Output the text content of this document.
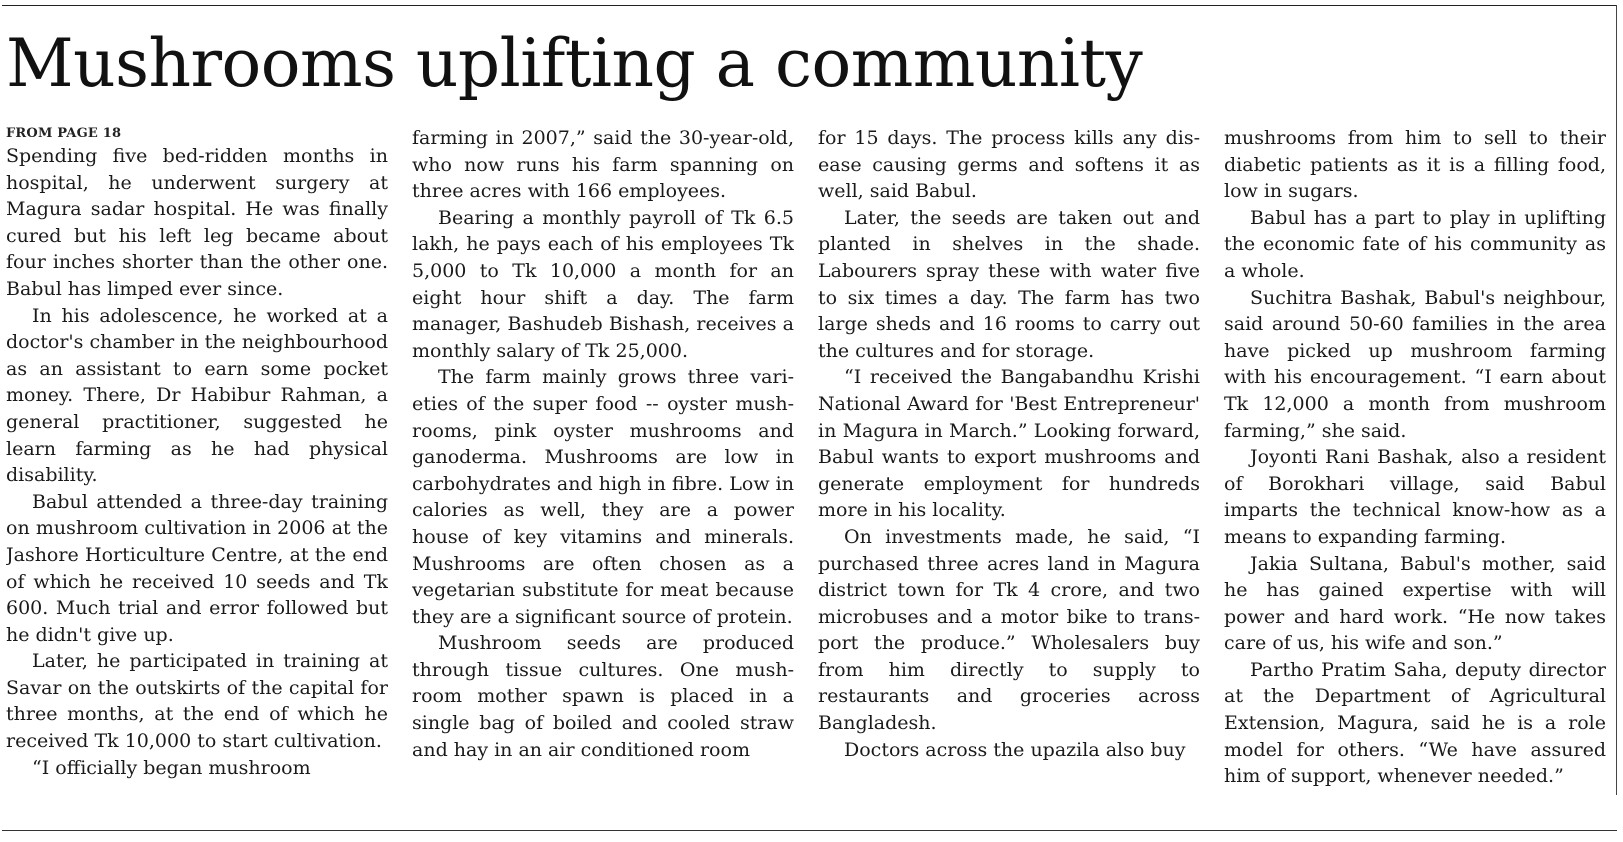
Mushrooms uplifting a community
FROM PAGE 18

Spending five bed-ridden months in hospital, he underwent surgery at Magura sadar hospital. He was finally cured but his left leg became about four inches shorter than the other one. Babul has limped ever since.

In his adolescence, he worked at a doctor's chamber in the neighbourhood as an assistant to earn some pocket money. There, Dr Habibur Rahman, a general practitioner, suggested he learn farming as he had physical disability.

Babul attended a three-day training on mushroom cultivation in 2006 at the Jashore Horticulture Centre, at the end of which he received 10 seeds and Tk 600. Much trial and error followed but he didn't give up.

Later, he participated in training at Savar on the outskirts of the capital for three months, at the end of which he received Tk 10,000 to start cultivation.

“I officially began mushroom

farming in 2007,” said the 30-year-old, who now runs his farm spanning on three acres with 166 employees.

Bearing a monthly payroll of Tk 6.5 lakh, he pays each of his employees Tk 5,000 to Tk 10,000 a month for an eight hour shift a day. The farm manager, Bashudeb Bishash, receives a monthly salary of Tk 25,000.

The farm mainly grows three varieties of the super food -- oyster mushrooms, pink oyster mushrooms and ganoderma. Mushrooms are low in carbohydrates and high in fibre. Low in calories as well, they are a power house of key vitamins and minerals. Mushrooms are often chosen as a vegetarian substitute for meat because they are a significant source of protein.

Mushroom seeds are produced through tissue cultures. One mushroom mother spawn is placed in a single bag of boiled and cooled straw and hay in an air conditioned room

for 15 days. The process kills any disease causing germs and softens it as well, said Babul.

Later, the seeds are taken out and planted in shelves in the shade. Labourers spray these with water five to six times a day. The farm has two large sheds and 16 rooms to carry out the cultures and for storage.

“I received the Bangabandhu Krishi National Award for 'Best Entrepreneur' in Magura in March.” Looking forward, Babul wants to export mushrooms and generate employment for hundreds more in his locality.

On investments made, he said, “I purchased three acres land in Magura district town for Tk 4 crore, and two microbuses and a motor bike to transport the produce.” Wholesalers buy from him directly to supply to restaurants and groceries across Bangladesh.

Doctors across the upazila also buy

mushrooms from him to sell to their diabetic patients as it is a filling food, low in sugars.

Babul has a part to play in uplifting the economic fate of his community as a whole.

Suchitra Bashak, Babul's neighbour, said around 50-60 families in the area have picked up mushroom farming with his encouragement. “I earn about Tk 12,000 a month from mushroom farming,” she said.

Joyonti Rani Bashak, also a resident of Borokhari village, said Babul imparts the technical know-how as a means to expanding farming.

Jakia Sultana, Babul's mother, said he has gained expertise with will power and hard work. “He now takes care of us, his wife and son.”

Partho Pratim Saha, deputy director at the Department of Agricultural Extension, Magura, said he is a role model for others. “We have assured him of support, whenever needed.”
